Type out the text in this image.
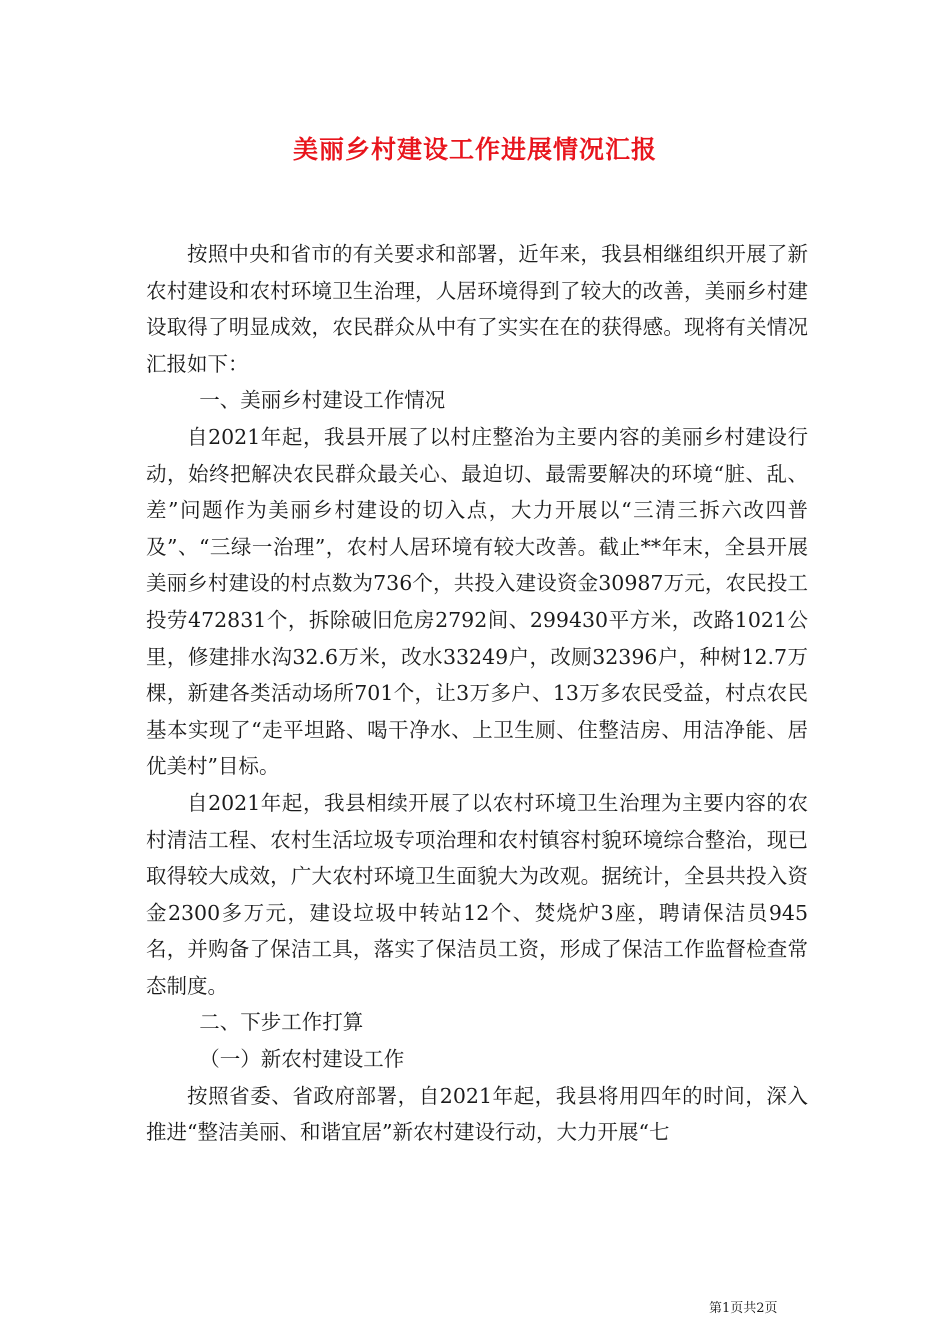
美丽乡村建设工作进展情况汇报

按照中央和省市的有关要求和部署，近年来，我县相继组织开展了新农村建设和农村环境卫生治理，人居环境得到了较大的改善，美丽乡村建设取得了明显成效，农民群众从中有了实实在在的获得感。现将有关情况汇报如下：

一、美丽乡村建设工作情况

自2021年起，我县开展了以村庄整治为主要内容的美丽乡村建设行动，始终把解决农民群众最关心、最迫切、最需要解决的环境“脏、乱、差”问题作为美丽乡村建设的切入点，大力开展以“三清三拆六改四普及”、“三绿一治理”，农村人居环境有较大改善。截止**年末，全县开展美丽乡村建设的村点数为736个，共投入建设资金30987万元，农民投工投劳472831个，拆除破旧危房2792间、299430平方米，改路1021公里，修建排水沟32.6万米，改水33249户，改厕32396户，种树12.7万棵，新建各类活动场所701个，让3万多户、13万多农民受益，村点农民基本实现了“走平坦路、喝干净水、上卫生厕、住整洁房、用洁净能、居优美村”目标。

自2021年起，我县相续开展了以农村环境卫生治理为主要内容的农村清洁工程、农村生活垃圾专项治理和农村镇容村貌环境综合整治，现已取得较大成效，广大农村环境卫生面貌大为改观。据统计，全县共投入资金2300多万元，建设垃圾中转站12个、焚烧炉3座，聘请保洁员945名，并购备了保洁工具，落实了保洁员工资，形成了保洁工作监督检查常态制度。

二、下步工作打算

（一）新农村建设工作

按照省委、省政府部署，自2021年起，我县将用四年的时间，深入推进“整洁美丽、和谐宜居”新农村建设行动，大力开展“七

第1页共2页
